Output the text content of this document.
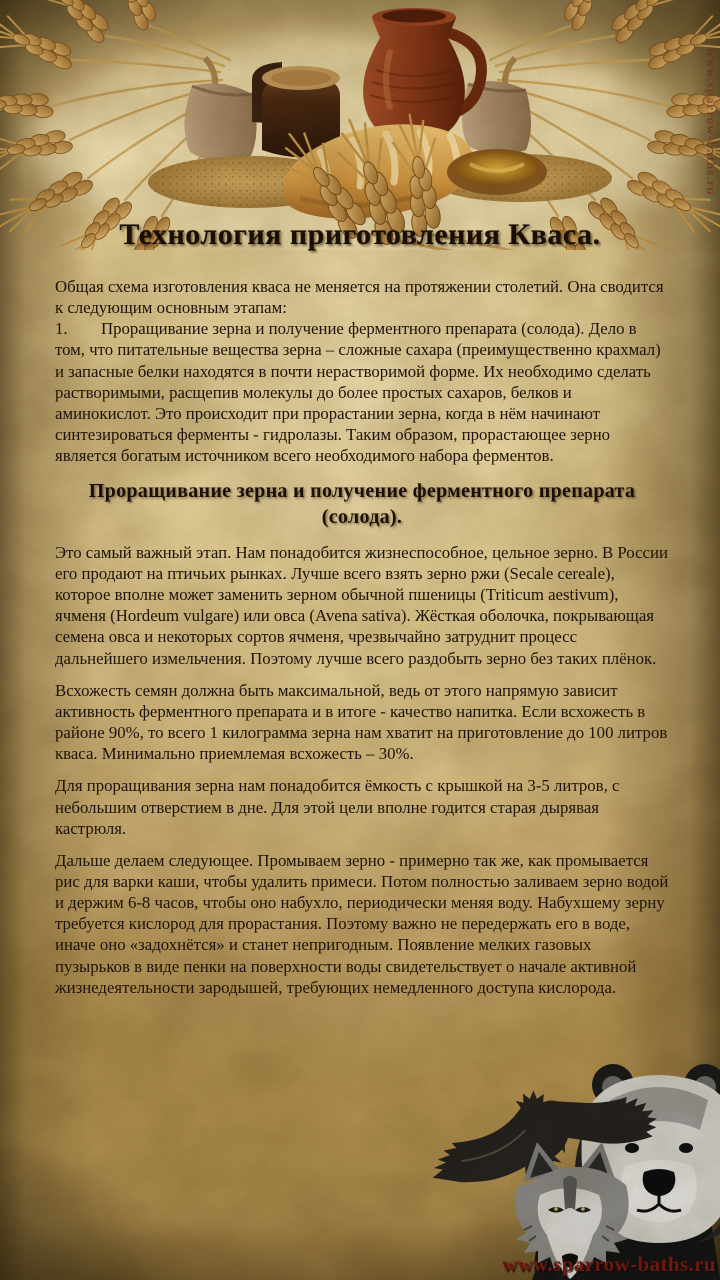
Технология приготовления Кваса.

Общая схема изготовления кваса не меняется на протяжении столетий. Она сводится к следующим основным этапам:

1. Проращивание зерна и получение ферментного препарата (солода). Дело в том, что питательные вещества зерна – сложные сахара (преимущественно крахмал) и запасные белки находятся в почти нерастворимой форме. Их необходимо сделать растворимыми, расщепив молекулы до более простых сахаров, белков и аминокислот. Это происходит при прорастании зерна, когда в нём начинают синтезироваться ферменты - гидролазы. Таким образом, прорастающее зерно является богатым источником всего необходимого набора ферментов.

Проращивание зерна и получение ферментного препарата (солода).

Это самый важный этап. Нам понадобится жизнеспособное, цельное зерно. В России его продают на птичьих рынках. Лучше всего взять зерно ржи (Secale cereale), которое вполне может заменить зерном обычной пшеницы (Triticum aestivum), ячменя (Hordeum vulgare) или овса (Avena sativa). Жёсткая оболочка, покрывающая семена овса и некоторых сортов ячменя, чрезвычайно затруднит процесс дальнейшего измельчения. Поэтому лучше всего раздобыть зерно без таких плёнок.

Всхожесть семян должна быть максимальной, ведь от этого напрямую зависит активность ферментного препарата и в итоге - качество напитка. Если всхожесть в районе 90%, то всего 1 килограмма зерна нам хватит на приготовление до 100 литров кваса. Минимально приемлемая всхожесть – 30%.

Для проращивания зерна нам понадобится ёмкость с крышкой на 3-5 литров, с небольшим отверстием в дне. Для этой цели вполне годится старая дырявая кастрюля.

Дальше делаем следующее. Промываем зерно - примерно так же, как промывается рис для варки каши, чтобы удалить примеси. Потом полностью заливаем зерно водой и держим 6-8 часов, чтобы оно набухло, периодически меняя воду. Набухшему зерну требуется кислород для прорастания. Поэтому важно не передержать его в воде, иначе оно «задохнётся» и станет непригодным. Появление мелких газовых пузырьков в виде пенки на поверхности воды свидетельствует о начале активной жизнедеятельности зародышей, требующих немедленного доступа кислорода.

www.sparrow-baths.ru
www.sparrow-baths.ru
